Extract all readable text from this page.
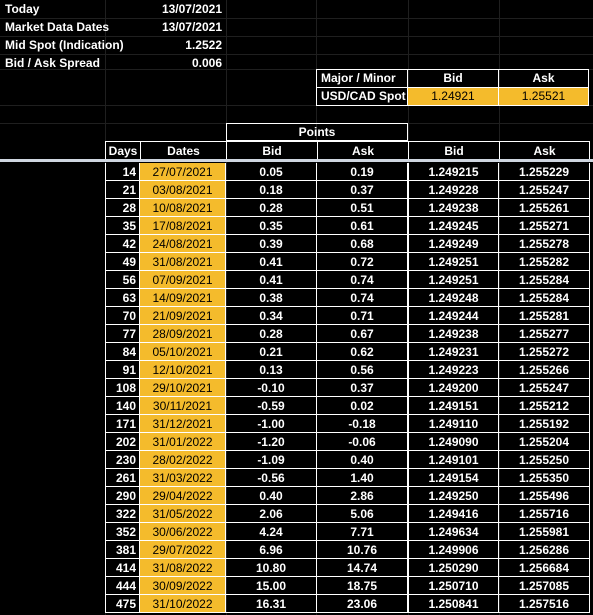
Today	13/07/2021
Market Data Dates	13/07/2021
Mid Spot (Indication)	1.2522
Bid / Ask Spread	0.006
Major / Minor	Bid	Ask
USD/CAD Spot	1.24921	1.25521
Points
Days	Dates	Bid	Ask	Bid	Ask
14	27/07/2021	0.05	0.19	1.249215	1.255229
21	03/08/2021	0.18	0.37	1.249228	1.255247
28	10/08/2021	0.28	0.51	1.249238	1.255261
35	17/08/2021	0.35	0.61	1.249245	1.255271
42	24/08/2021	0.39	0.68	1.249249	1.255278
49	31/08/2021	0.41	0.72	1.249251	1.255282
56	07/09/2021	0.41	0.74	1.249251	1.255284
63	14/09/2021	0.38	0.74	1.249248	1.255284
70	21/09/2021	0.34	0.71	1.249244	1.255281
77	28/09/2021	0.28	0.67	1.249238	1.255277
84	05/10/2021	0.21	0.62	1.249231	1.255272
91	12/10/2021	0.13	0.56	1.249223	1.255266
108	29/10/2021	-0.10	0.37	1.249200	1.255247
140	30/11/2021	-0.59	0.02	1.249151	1.255212
171	31/12/2021	-1.00	-0.18	1.249110	1.255192
202	31/01/2022	-1.20	-0.06	1.249090	1.255204
230	28/02/2022	-1.09	0.40	1.249101	1.255250
261	31/03/2022	-0.56	1.40	1.249154	1.255350
290	29/04/2022	0.40	2.86	1.249250	1.255496
322	31/05/2022	2.06	5.06	1.249416	1.255716
352	30/06/2022	4.24	7.71	1.249634	1.255981
381	29/07/2022	6.96	10.76	1.249906	1.256286
414	31/08/2022	10.80	14.74	1.250290	1.256684
444	30/09/2022	15.00	18.75	1.250710	1.257085
475	31/10/2022	16.31	23.06	1.250841	1.257516
